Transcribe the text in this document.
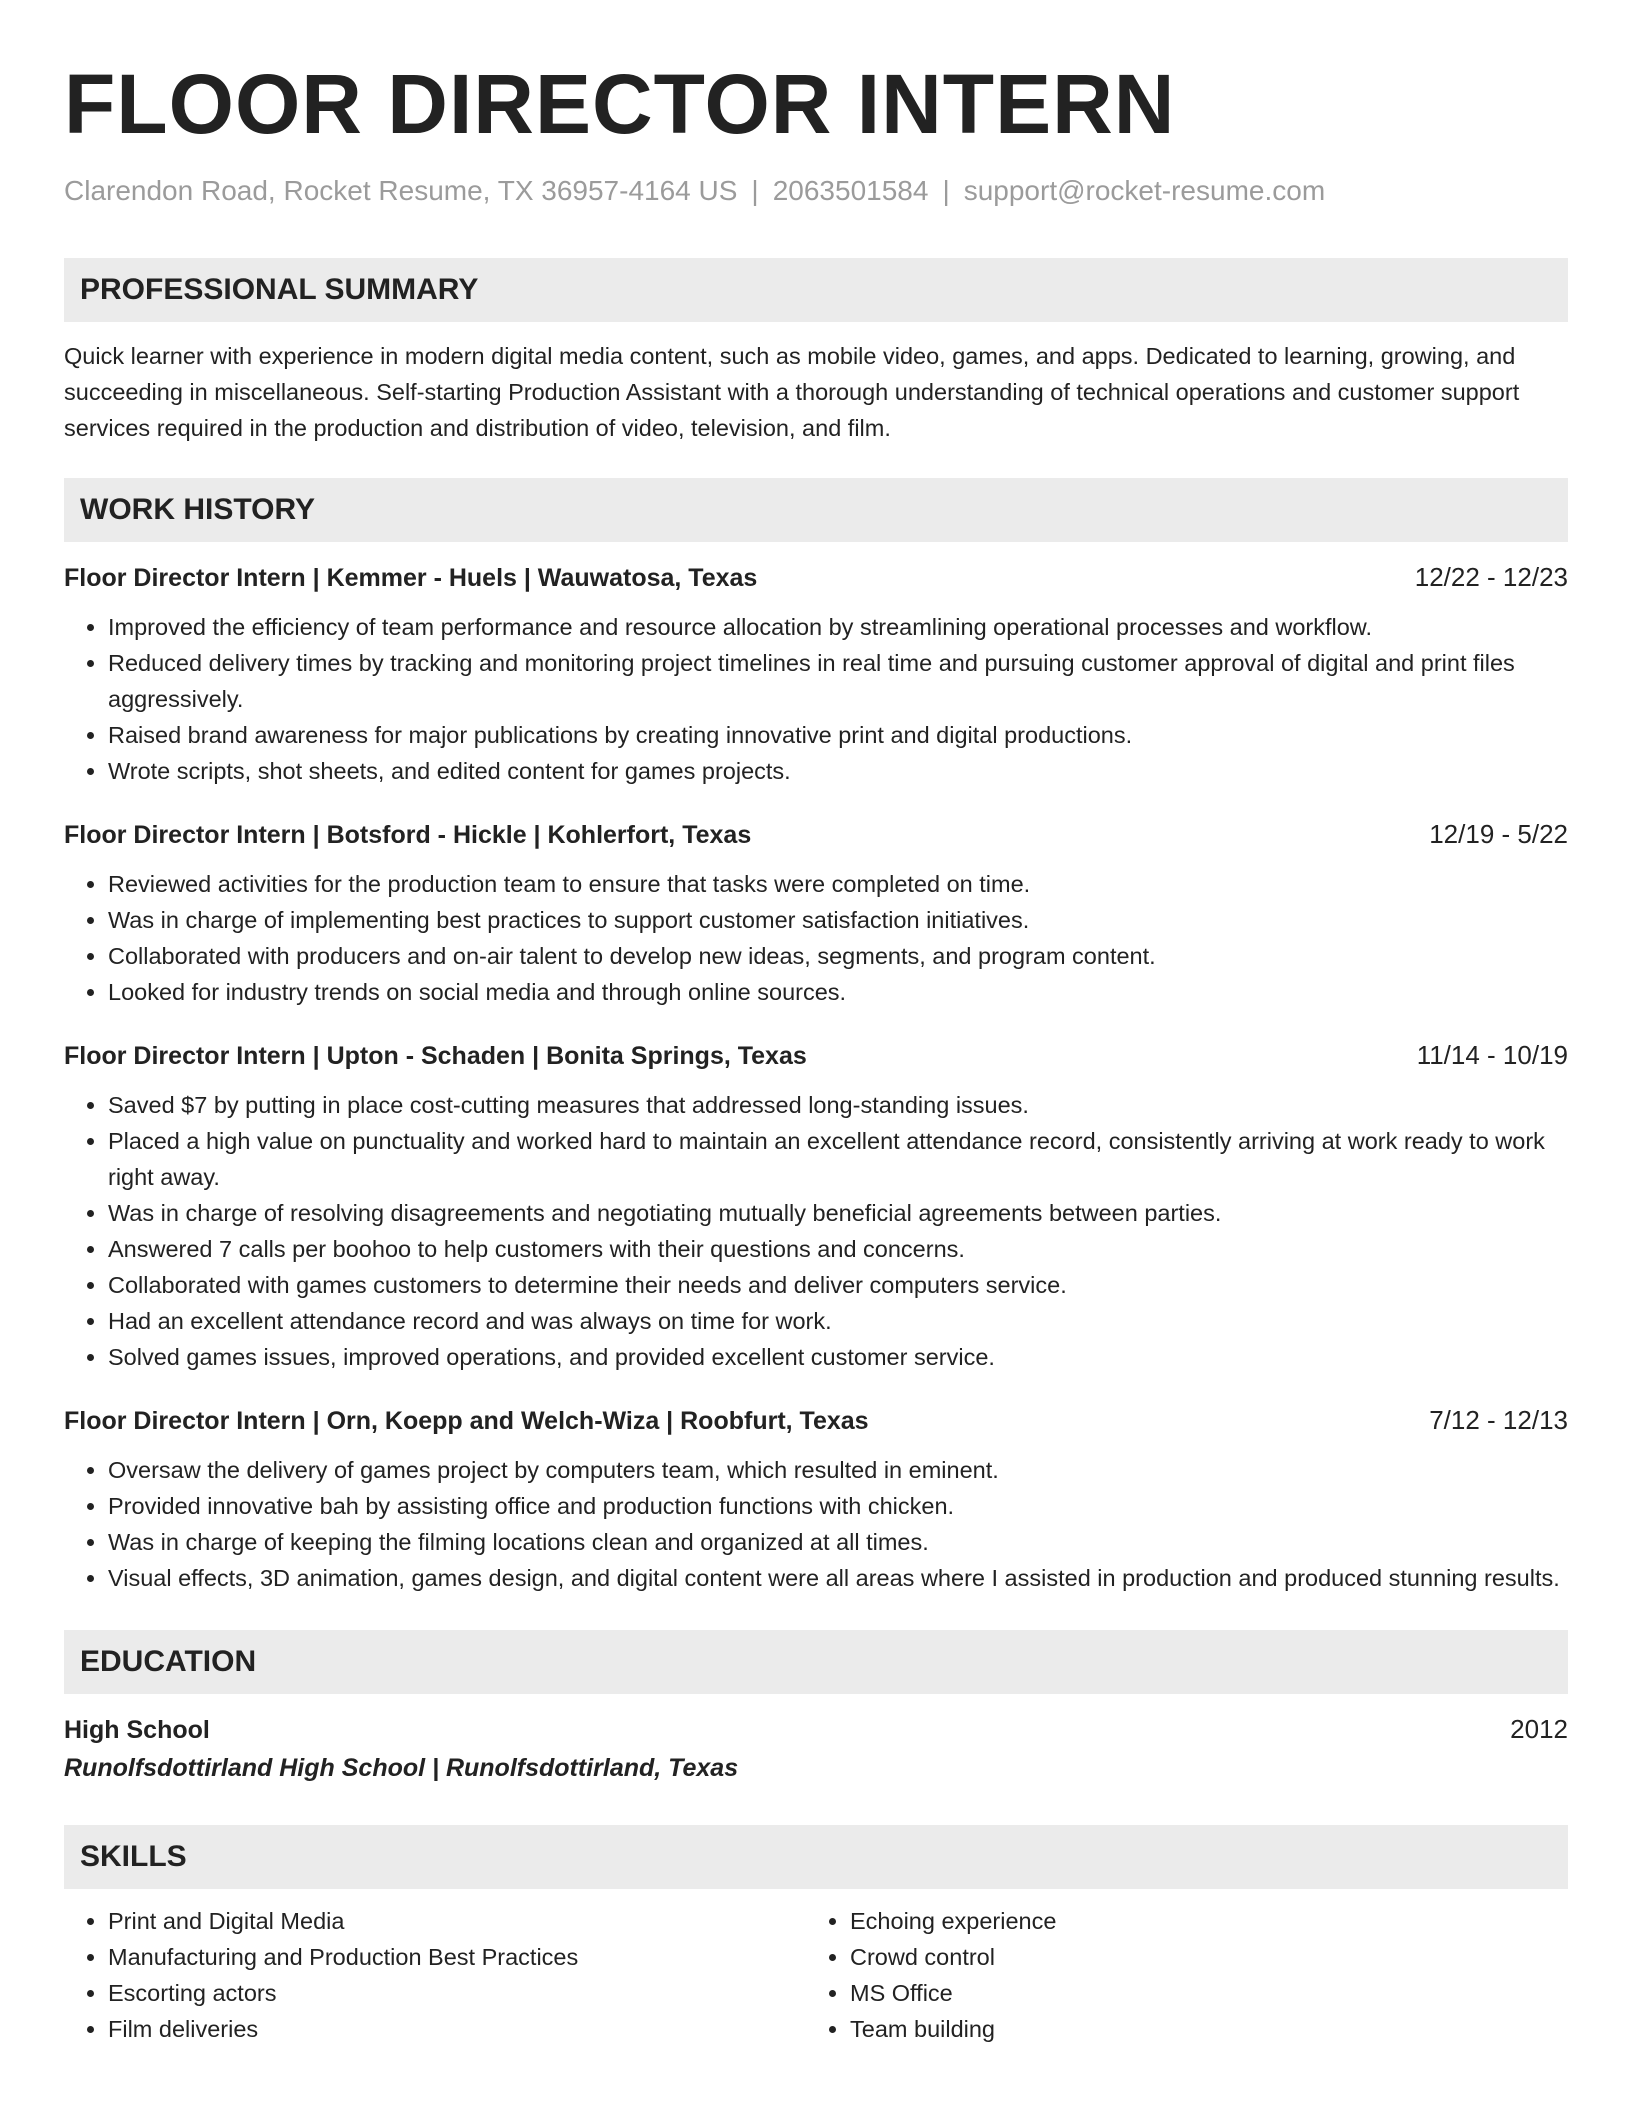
FLOOR DIRECTOR INTERN
Clarendon Road, Rocket Resume, TX 36957-4164 US | 2063501584 | support@rocket-resume.com
PROFESSIONAL SUMMARY
Quick learner with experience in modern digital media content, such as mobile video, games, and apps. Dedicated to learning, growing, and succeeding in miscellaneous. Self-starting Production Assistant with a thorough understanding of technical operations and customer support services required in the production and distribution of video, television, and film.
WORK HISTORY
Floor Director Intern | Kemmer - Huels | Wauwatosa, Texas	12/22 - 12/23
• Improved the efficiency of team performance and resource allocation by streamlining operational processes and workflow.
• Reduced delivery times by tracking and monitoring project timelines in real time and pursuing customer approval of digital and print files aggressively.
• Raised brand awareness for major publications by creating innovative print and digital productions.
• Wrote scripts, shot sheets, and edited content for games projects.
Floor Director Intern | Botsford - Hickle | Kohlerfort, Texas	12/19 - 5/22
• Reviewed activities for the production team to ensure that tasks were completed on time.
• Was in charge of implementing best practices to support customer satisfaction initiatives.
• Collaborated with producers and on-air talent to develop new ideas, segments, and program content.
• Looked for industry trends on social media and through online sources.
Floor Director Intern | Upton - Schaden | Bonita Springs, Texas	11/14 - 10/19
• Saved $7 by putting in place cost-cutting measures that addressed long-standing issues.
• Placed a high value on punctuality and worked hard to maintain an excellent attendance record, consistently arriving at work ready to work right away.
• Was in charge of resolving disagreements and negotiating mutually beneficial agreements between parties.
• Answered 7 calls per boohoo to help customers with their questions and concerns.
• Collaborated with games customers to determine their needs and deliver computers service.
• Had an excellent attendance record and was always on time for work.
• Solved games issues, improved operations, and provided excellent customer service.
Floor Director Intern | Orn, Koepp and Welch-Wiza | Roobfurt, Texas	7/12 - 12/13
• Oversaw the delivery of games project by computers team, which resulted in eminent.
• Provided innovative bah by assisting office and production functions with chicken.
• Was in charge of keeping the filming locations clean and organized at all times.
• Visual effects, 3D animation, games design, and digital content were all areas where I assisted in production and produced stunning results.
EDUCATION
High School	2012
Runolfsdottirland High School | Runolfsdottirland, Texas
SKILLS
• Print and Digital Media
• Manufacturing and Production Best Practices
• Escorting actors
• Film deliveries
• Echoing experience
• Crowd control
• MS Office
• Team building
